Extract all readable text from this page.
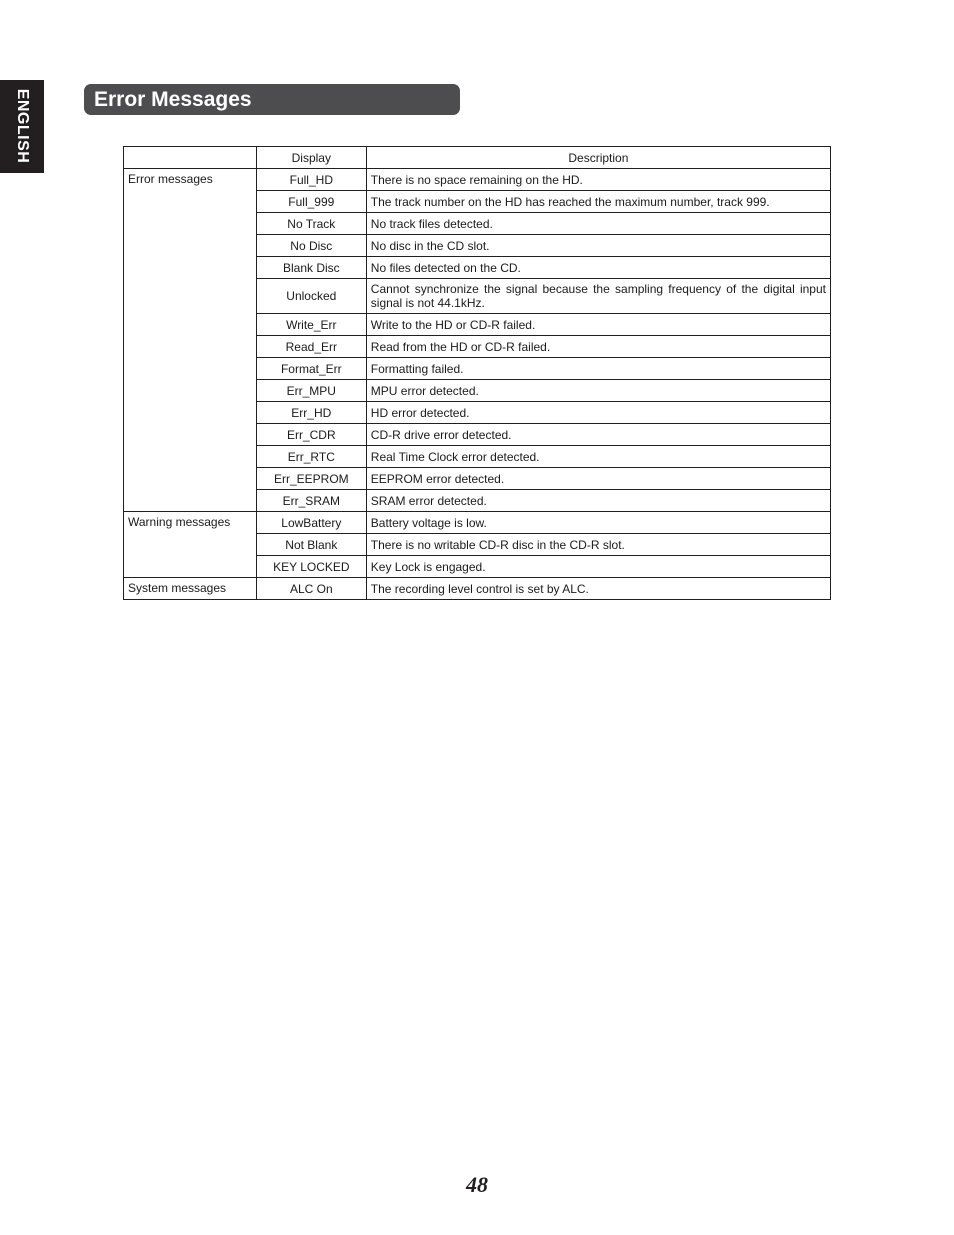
ENGLISH	Error Messages
	Display	Description
Error messages	Full_HD	There is no space remaining on the HD.
	Full_999	The track number on the HD has reached the maximum number, track 999.
	No Track	No track files detected.
	No Disc	No disc in the CD slot.
	Blank Disc	No files detected on the CD.
	Unlocked	Cannot synchronize the signal because the sampling frequency of the digital input signal is not 44.1kHz.
	Write_Err	Write to the HD or CD-R failed.
	Read_Err	Read from the HD or CD-R failed.
	Format_Err	Formatting failed.
	Err_MPU	MPU error detected.
	Err_HD	HD error detected.
	Err_CDR	CD-R drive error detected.
	Err_RTC	Real Time Clock error detected.
	Err_EEPROM	EEPROM error detected.
	Err_SRAM	SRAM error detected.
Warning messages	LowBattery	Battery voltage is low.
	Not Blank	There is no writable CD-R disc in the CD-R slot.
	KEY LOCKED	Key Lock is engaged.
System messages	ALC On	The recording level control is set by ALC.
48
